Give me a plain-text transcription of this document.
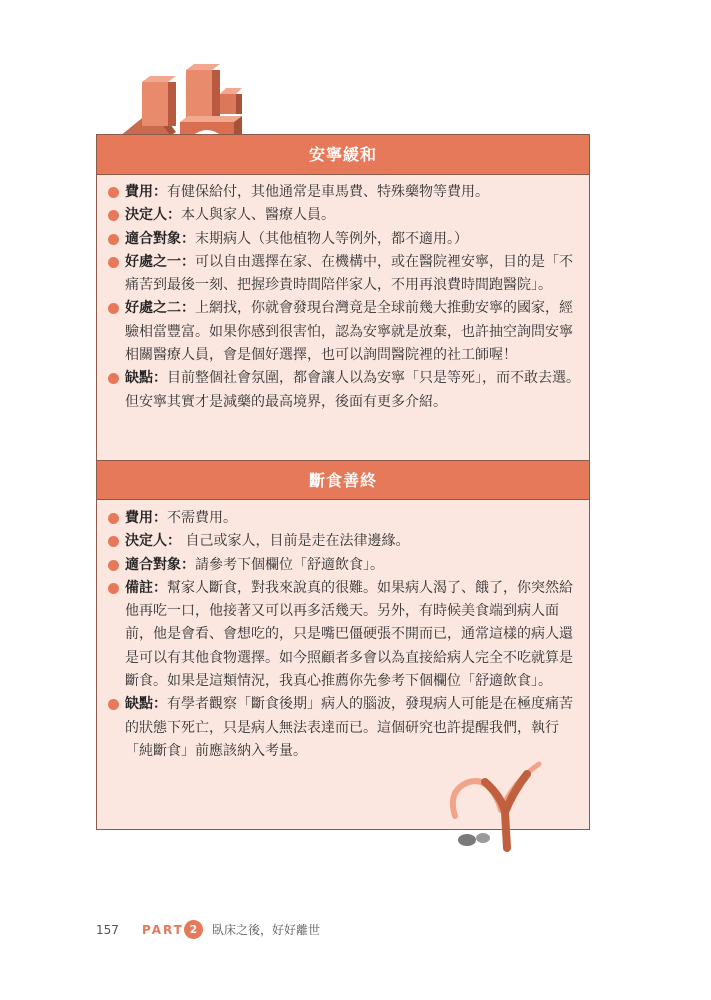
安寧緩和
費用：有健保給付，其他通常是車馬費、特殊藥物等費用。
決定人：本人與家人、醫療人員。
適合對象：末期病人（其他植物人等例外，都不適用。）
好處之一：可以自由選擇在家、在機構中，或在醫院裡安寧，目的是「不痛苦到最後一刻、把握珍貴時間陪伴家人，不用再浪費時間跑醫院」。
好處之二：上網找，你就會發現台灣竟是全球前幾大推動安寧的國家，經驗相當豐富。如果你感到很害怕，認為安寧就是放棄，也許抽空詢問安寧相關醫療人員，會是個好選擇，也可以詢問醫院裡的社工師喔！
缺點：目前整個社會氛圍，都會讓人以為安寧「只是等死」，而不敢去選。但安寧其實才是減藥的最高境界，後面有更多介紹。
斷食善終
費用：不需費用。
決定人： 自己或家人，目前是走在法律邊緣。
適合對象：請參考下個欄位「舒適飲食」。
備註：幫家人斷食，對我來說真的很難。如果病人渴了、餓了，你突然給他再吃一口，他接著又可以再多活幾天。另外，有時候美食端到病人面前，他是會看、會想吃的，只是嘴巴僵硬張不開而已，通常這樣的病人還是可以有其他食物選擇。如今照顧者多會以為直接給病人完全不吃就算是斷食。如果是這類情況，我真心推薦你先參考下個欄位「舒適飲食」。
缺點：有學者觀察「斷食後期」病人的腦波，發現病人可能是在極度痛苦的狀態下死亡，只是病人無法表達而已。這個研究也許提醒我們，執行「純斷食」前應該納入考量。
157 PART 2	臥床之後，好好離世
